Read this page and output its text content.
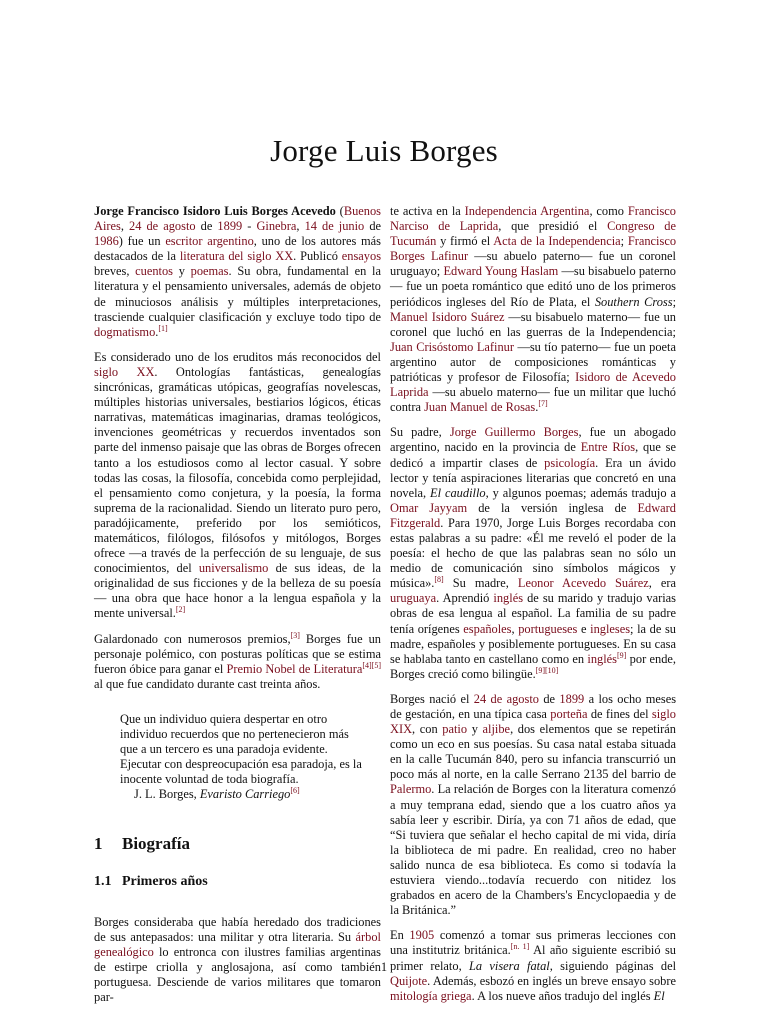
Jorge Luis Borges

Jorge Francisco Isidoro Luis Borges Acevedo (Buenos Aires, 24 de agosto de 1899 - Ginebra, 14 de junio de 1986) fue un escritor argentino, uno de los autores más destacados de la literatura del siglo XX. Publicó ensayos breves, cuentos y poemas. Su obra, fundamental en la literatura y el pensamiento universales, además de objeto de minuciosos análisis y múltiples interpretaciones, trasciende cualquier clasificación y excluye todo tipo de dogmatismo.[1]

Es considerado uno de los eruditos más reconocidos del siglo XX. Ontologías fantásticas, genealogías sincrónicas, gramáticas utópicas, geografías novelescas, múltiples historias universales, bestiarios lógicos, éticas narrativas, matemáticas imaginarias, dramas teológicos, invenciones geométricas y recuerdos inventados son parte del inmenso paisaje que las obras de Borges ofrecen tanto a los estudiosos como al lector casual. Y sobre todas las cosas, la filosofía, concebida como perplejidad, el pensamiento como conjetura, y la poesía, la forma suprema de la racionalidad. Siendo un literato puro pero, paradójicamente, preferido por los semióticos, matemáticos, filólogos, filósofos y mitólogos, Borges ofrece —a través de la perfección de su lenguaje, de sus conocimientos, del universalismo de sus ideas, de la originalidad de sus ficciones y de la belleza de su poesía— una obra que hace honor a la lengua española y la mente universal.[2]

Galardonado con numerosos premios,[3] Borges fue un personaje polémico, con posturas políticas que se estima fueron óbice para ganar el Premio Nobel de Literatura[4][5] al que fue candidato durante cast treinta años.

Que un individuo quiera despertar en otro individuo recuerdos que no pertenecieron más que a un tercero es una paradoja evidente. Ejecutar con despreocupación esa paradoja, es la inocente voluntad de toda biografía.
J. L. Borges, Evaristo Carriego[6]
1 Biografía
1.1 Primeros años

Borges consideraba que había heredado dos tradiciones de sus antepasados: una militar y otra literaria. Su árbol genealógico lo entronca con ilustres familias argentinas de estirpe criolla y anglosajona, así como también portuguesa. Desciende de varios militares que tomaron par-

te activa en la Independencia Argentina, como Francisco Narciso de Laprida, que presidió el Congreso de Tucumán y firmó el Acta de la Independencia; Francisco Borges Lafinur —su abuelo paterno— fue un coronel uruguayo; Edward Young Haslam —su bisabuelo paterno— fue un poeta romántico que editó uno de los primeros periódicos ingleses del Río de Plata, el Southern Cross; Manuel Isidoro Suárez —su bisabuelo materno— fue un coronel que luchó en las guerras de la Independencia; Juan Crisóstomo Lafinur —su tío paterno— fue un poeta argentino autor de composiciones románticas y patrióticas y profesor de Filosofía; Isidoro de Acevedo Laprida —su abuelo materno— fue un militar que luchó contra Juan Manuel de Rosas.[7]

Su padre, Jorge Guillermo Borges, fue un abogado argentino, nacido en la provincia de Entre Ríos, que se dedicó a impartir clases de psicología. Era un ávido lector y tenía aspiraciones literarias que concretó en una novela, El caudillo, y algunos poemas; además tradujo a Omar Jayyam de la versión inglesa de Edward Fitzgerald. Para 1970, Jorge Luis Borges recordaba con estas palabras a su padre: «Él me reveló el poder de la poesía: el hecho de que las palabras sean no sólo un medio de comunicación sino símbolos mágicos y música».[8] Su madre, Leonor Acevedo Suárez, era uruguaya. Aprendió inglés de su marido y tradujo varias obras de esa lengua al español. La familia de su padre tenía orígenes españoles, portugueses e ingleses; la de su madre, españoles y posiblemente portugueses. En su casa se hablaba tanto en castellano como en inglés[9] por ende, Borges creció como bilingüe.[9][10]

Borges nació el 24 de agosto de 1899 a los ocho meses de gestación, en una típica casa porteña de fines del siglo XIX, con patio y aljibe, dos elementos que se repetirán como un eco en sus poesías. Su casa natal estaba situada en la calle Tucumán 840, pero su infancia transcurrió un poco más al norte, en la calle Serrano 2135 del barrio de Palermo. La relación de Borges con la literatura comenzó a muy temprana edad, siendo que a los cuatro años ya sabía leer y escribir. Diría, ya con 71 años de edad, que “Si tuviera que señalar el hecho capital de mi vida, diría la biblioteca de mi padre. En realidad, creo no haber salido nunca de esa biblioteca. Es como si todavía la estuviera viendo...todavía recuerdo con nitidez los grabados en acero de la Chambers's Encyclopaedia y de la Británica.”

En 1905 comenzó a tomar sus primeras lecciones con una institutriz británica.[n. 1] Al año siguiente escribió su primer relato, La visera fatal, siguiendo páginas del Quijote. Además, esbozó en inglés un breve ensayo sobre mitología griega. A los nueve años tradujo del inglés El

1
